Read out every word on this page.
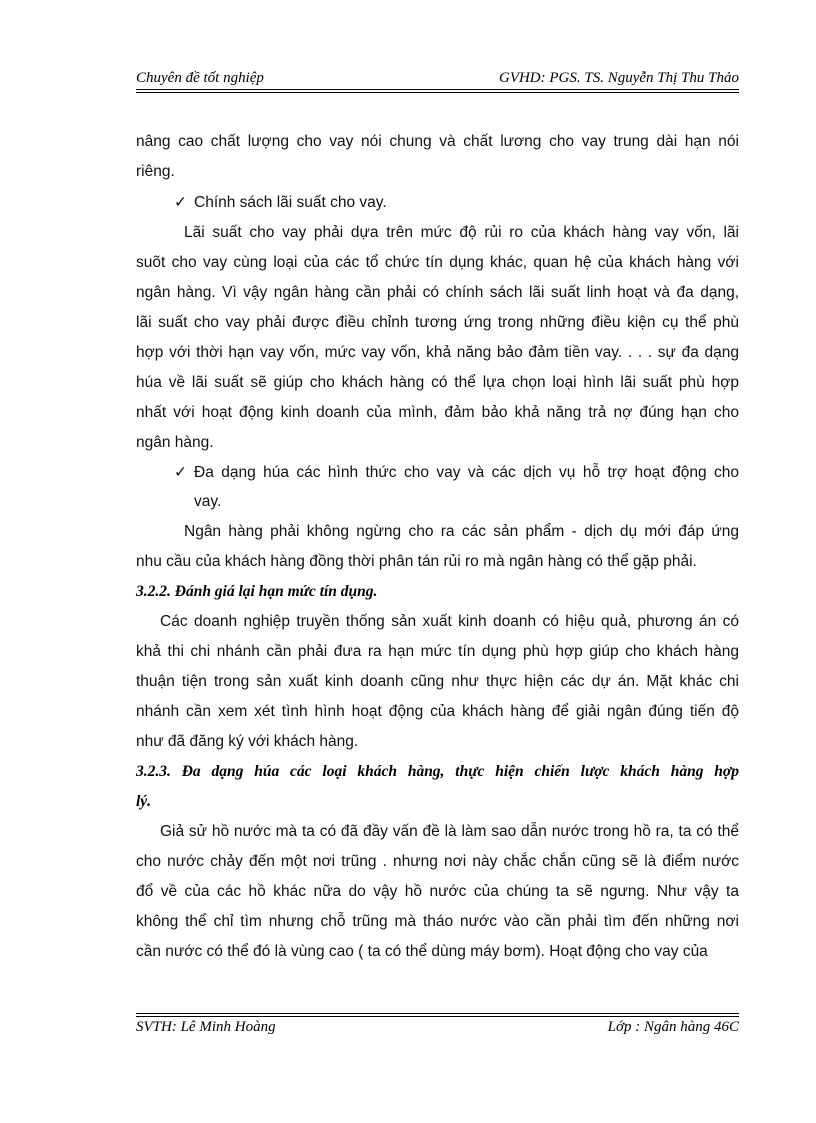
Chuyên đề tốt nghiệp	GVHD: PGS. TS. Nguyễn Thị Thu Thảo
nâng cao chất lượng cho vay nói chung và chất lương cho vay trung dài hạn nói
riêng.
✓ Chính sách lãi suất cho vay.
Lãi suất cho vay phải dựa trên mức độ rủi ro của khách hàng vay vốn, lãi
suõt cho vay cùng loại của các tổ chức tín dụng khác, quan hệ của khách hàng với
ngân hàng. Vì vậy ngân hàng cần phải có chính sách lãi suất linh hoạt và đa dạng,
lãi suất cho vay phải được điều chỉnh tương ứng trong những điều kiện cụ thể phù
hợp với thời hạn vay vốn, mức vay vốn, khả năng bảo đảm tiền vay. . . . sự đa dạng
húa về lãi suất sẽ giúp cho khách hàng có thể lựa chọn loại hình lãi suất phù hợp
nhất với hoạt động kinh doanh của mình, đảm bảo khả năng trả nợ đúng hạn cho
ngân hàng.
✓ Đa dạng húa các hình thức cho vay và các dịch vụ hỗ trợ hoạt động cho
vay.
Ngân hàng phải không ngừng cho ra các sản phẩm - dịch dụ mới đáp ứng
nhu cầu của khách hàng đồng thời phân tán rủi ro mà ngân hàng có thể gặp phải.
3.2.2. Đánh giá lại hạn mức tín dụng.
Các doanh nghiệp truyền thống sản xuất kinh doanh có hiệu quả, phương án có
khả thi chi nhánh cần phải đưa ra hạn mức tín dụng phù hợp giúp cho khách hàng
thuận tiện trong sản xuất kinh doanh cũng như thực hiện các dự án. Mặt khác chi
nhánh cần xem xét tình hình hoạt động của khách hàng để giải ngân đúng tiến độ
như đã đăng ký với khách hàng.
3.2.3. Đa dạng húa các loại khách hàng, thực hiện chiến lược khách hàng hợp
lý.
Giả sử hồ nước mà ta có đã đầy vấn đề là làm sao dẫn nước trong hồ ra, ta có thể
cho nước chảy đến một nơi trũng . nhưng nơi này chắc chắn cũng sẽ là điểm nước
đổ về của các hồ khác nữa do vậy hồ nước của chúng ta sẽ ngưng. Như vậy ta
không thể chỉ tìm nhưng chỗ trũng mà tháo nước vào cần phải tìm đến những nơi
cần nước có thể đó là vùng cao ( ta có thể dùng máy bơm). Hoạt động cho vay của
SVTH: Lê Minh Hoàng	Lớp : Ngân hàng 46C
